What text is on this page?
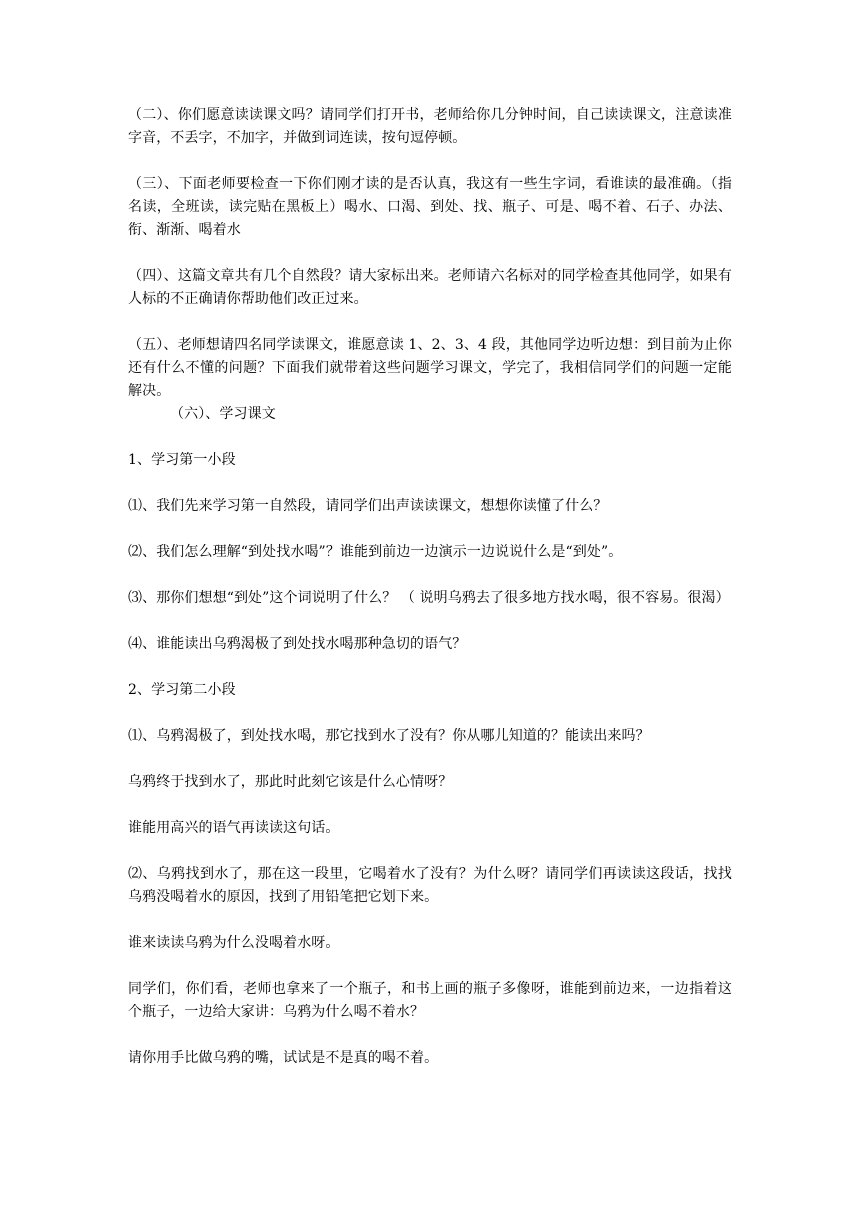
（二）、你们愿意读读课文吗？请同学们打开书，老师给你几分钟时间，自己读读课文，注意读准字音，不丢字，不加字，并做到词连读，按句逗停顿。

（三）、下面老师要检查一下你们刚才读的是否认真，我这有一些生字词，看谁读的最准确。（指名读，全班读，读完贴在黑板上）喝水、口渴、到处、找、瓶子、可是、喝不着、石子、办法、衔、渐渐、喝着水

（四）、这篇文章共有几个自然段？请大家标出来。老师请六名标对的同学检查其他同学，如果有人标的不正确请你帮助他们改正过来。

（五）、老师想请四名同学读课文，谁愿意读 1、2、3、4 段，其他同学边听边想：到目前为止你还有什么不懂的问题？下面我们就带着这些问题学习课文，学完了，我相信同学们的问题一定能解决。

（六）、学习课文

1、学习第一小段

⑴、我们先来学习第一自然段，请同学们出声读读课文，想想你读懂了什么？

⑵、我们怎么理解“到处找水喝”？谁能到前边一边演示一边说说什么是“到处”。

⑶、那你们想想“到处”这个词说明了什么？ （ 说明乌鸦去了很多地方找水喝，很不容易。很渴）

⑷、谁能读出乌鸦渴极了到处找水喝那种急切的语气？

2、学习第二小段

⑴、乌鸦渴极了，到处找水喝，那它找到水了没有？你从哪儿知道的？能读出来吗？

乌鸦终于找到水了，那此时此刻它该是什么心情呀？

谁能用高兴的语气再读读这句话。

⑵、乌鸦找到水了，那在这一段里，它喝着水了没有？为什么呀？请同学们再读读这段话，找找乌鸦没喝着水的原因，找到了用铅笔把它划下来。

谁来读读乌鸦为什么没喝着水呀。

同学们，你们看，老师也拿来了一个瓶子，和书上画的瓶子多像呀，谁能到前边来，一边指着这个瓶子，一边给大家讲：乌鸦为什么喝不着水？

请你用手比做乌鸦的嘴，试试是不是真的喝不着。
